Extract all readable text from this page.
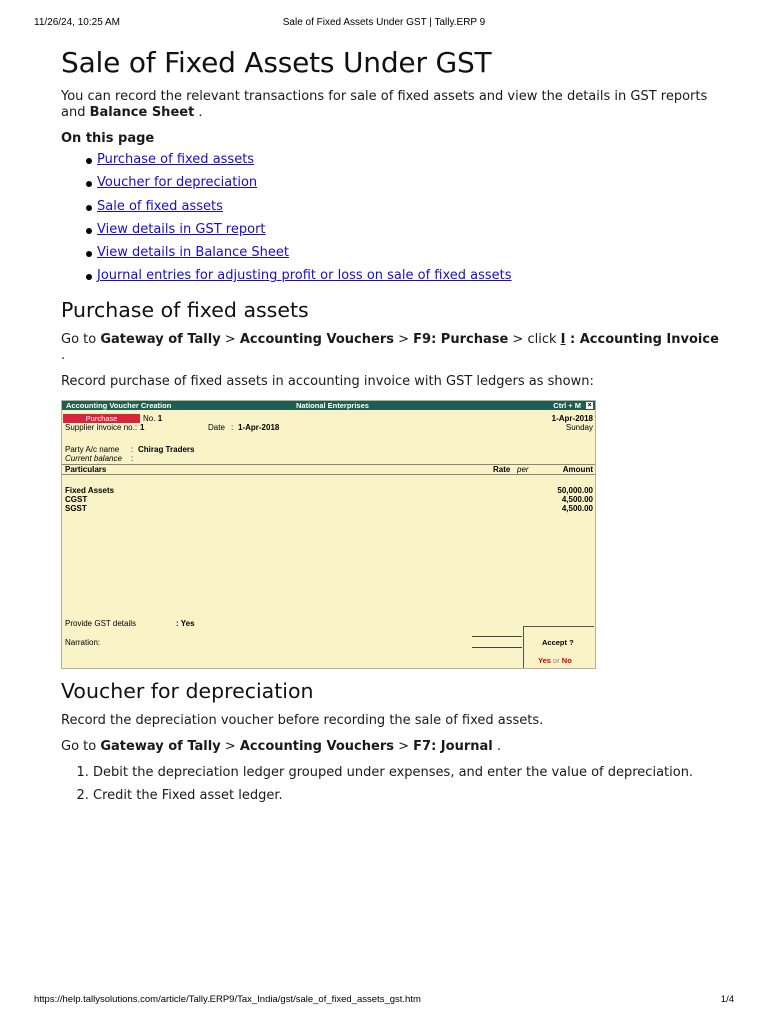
11/26/24, 10:25 AM	Sale of Fixed Assets Under GST | Tally.ERP 9
Sale of Fixed Assets Under GST

You can record the relevant transactions for sale of fixed assets and view the details in GST reports and Balance Sheet .

On this page
Purchase of fixed assets
Voucher for depreciation
Sale of fixed assets
View details in GST report
View details in Balance Sheet
Journal entries for adjusting profit or loss on sale of fixed assets
Purchase of fixed assets

Go to Gateway of Tally > Accounting Vouchers > F9: Purchase > click I : Accounting Invoice .

Record purchase of fixed assets in accounting invoice with GST ledgers as shown:

Accounting Voucher Creation	National Enterprises	Ctrl + M ×
Purchase	No. 1	1-Apr-2018
Sunday
Supplier invoice no.: 1	Date : 1-Apr-2018
Party A/c name : Chirag Traders
Current balance :
Particulars	Rate per	Amount
Fixed Assets	50,000.00
CGST	4,500.00
SGST	4,500.00
Provide GST details	: Yes
Narration:	Accept ?
Yes or No
Voucher for depreciation

Record the depreciation voucher before recording the sale of fixed assets.

Go to Gateway of Tally > Accounting Vouchers > F7: Journal .

1. Debit the depreciation ledger grouped under expenses, and enter the value of depreciation.
2. Credit the Fixed asset ledger.
https://help.tallysolutions.com/article/Tally.ERP9/Tax_India/gst/sale_of_fixed_assets_gst.htm	1/4
